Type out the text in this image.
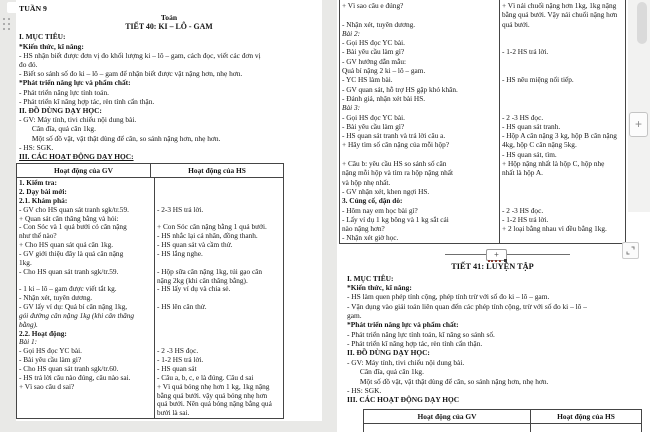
TUẦN 9
Toán
TIẾT 40: KI – LÔ - GAM
I. MỤC TIÊU:
*Kiến thức, kĩ năng:
- HS nhận biết được đơn vị đo khối lượng ki – lô – gam, cách đọc, viết các đơn vị
đo đó.
- Biết so sánh số đo ki – lô – gam để nhận biết được vật nặng hơn, nhẹ hơn.
*Phát triển năng lực và phẩm chất:
- Phát triển năng lực tính toán.
- Phát triển kĩ năng hợp tác, rèn tính cẩn thận.
II. ĐỒ DÙNG DẠY HỌC:
- GV: Máy tính, tivi chiếu nội dung bài.
Cân đĩa, quả cân 1kg.
Một số đồ vật, vật thật dùng để cân, so sánh nặng hơn, nhẹ hơn.
- HS: SGK.
III. CÁC HOẠT ĐỘNG DẠY HỌC:
Hoạt động của GV	Hoạt động của HS
1. Kiểm tra:
2. Dạy bài mới:
2.1. Khám phá:
- GV cho HS quan sát tranh sgk/tr.59.
+ Quan sát cân thăng bằng và hỏi:
- Con Sóc và 1 quả bưởi có cân nặng
như thế nào?
+ Cho HS quan sát quả cân 1kg.
- GV giới thiệu đây là quả cân nặng
1kg.
- Cho HS quan sát tranh sgk/tr.59.

- 1 ki – lô – gam được viết tắt kg.
- Nhận xét, tuyên dương.
- GV lấy ví dụ: Quả bí cân nặng 1kg,
gói đường cân nặng 1kg (khi cân thăng
bằng).
2.2. Hoạt động:
Bài 1:
- Gọi HS đọc YC bài.
- Bài yêu cầu làm gì?
- Cho HS quan sát tranh sgk/tr.60.
- HS trả lời câu nào đúng, câu nào sai.
+ Vì sao câu d sai?

- 2-3 HS trả lời.

+ Con Sóc cân nặng bằng 1 quả bưởi.
- HS nhắc lại cá nhân, đồng thanh.
- HS quan sát và cầm thử.
- HS lắng nghe.

- Hộp sữa cân nặng 1kg, túi gạo cân
nặng 2kg (khi cân thăng bằng).
- HS lấy ví dụ và chia sẻ.

- HS lên cân thử.

- 2 -3 HS đọc.
- 1-2 HS trả lời.
- HS quan sát
- Câu a, b, c, e là đúng. Câu d sai
+ Vì quả bóng nhẹ hơn 1 kg, 1kg nặng
bằng quả bưởi. vậy quả bóng nhẹ hơn
quả bưởi. Nên quả bóng nặng bằng quả
bưởi là sai.
+ Vì sao câu e đúng?

- Nhận xét, tuyên dương.
Bài 2:
- Gọi HS đọc YC bài.
- Bài yêu cầu làm gì?
- GV hướng dẫn mẫu:
Quả bí nặng 2 ki – lô – gam.
- YC HS làm bài.
- GV quan sát, hỗ trợ HS gặp khó khăn.
- Đánh giá, nhận xét bài HS.
Bài 3:
- Gọi HS đọc YC bài.
- Bài yêu cầu làm gì?
- HS quan sát tranh và trả lời câu a.
+ Hãy tìm số cân nặng của mỗi hộp?

+ Câu b: yêu cầu HS so sánh số cân
nặng mỗi hộp và tìm ra hộp nặng nhất
và hộp nhẹ nhất.
- GV nhận xét, khen ngợi HS.
3. Củng cố, dặn dò:
- Hôm nay em học bài gì?
- Lấy ví dụ 1 kg bông và 1 kg sắt cái
nào nặng hơn?
- Nhận xét giờ học.
+ Vì nải chuối nặng hơn 1kg, 1kg nặng
bằng quả bưởi. Vậy nải chuối nặng hơn
quả bưởi.

- 1-2 HS trả lời.

- HS nêu miệng nối tiếp.

- 2 -3 HS đọc.
- HS quan sát tranh.
- Hộp A cân nặng 3 kg, hộp B cân nặng
4kg, hộp C cân nặng 5kg.
- HS quan sát, tìm.
+ Hộp nặng nhất là hộp C, hộp nhẹ
nhất là hộp A.

- 2 -3 HS đọc.
- 1-2 HS trả lời.
+ 2 loại bằng nhau vì đều bằng 1kg.

+
TIẾT 41: LUYỆN TẬP
I. MỤC TIÊU:
*Kiến thức, kĩ năng:
- HS làm quen phép tính cộng, phép tính trừ với số đo ki – lô – gam.
- Vận dụng vào giải toán liên quan đến các phép tính cộng, trừ với số đo ki – lô –
gam.
*Phát triển năng lực và phẩm chất:
- Phát triển năng lực tính toán, kĩ năng so sánh số.
- Phát triển kĩ năng hợp tác, rèn tính cẩn thận.
II. ĐỒ DÙNG DẠY HỌC:
- GV: Máy tính, tivi chiếu nội dung bài.
Cân đĩa, quả cân 1kg.
Một số đồ vật, vật thật dùng để cân, so sánh nặng hơn, nhẹ hơn.
- HS: SGK.
III. CÁC HOẠT ĐỘNG DẠY HỌC
Hoạt động của GV	Hoạt động của HS
+
